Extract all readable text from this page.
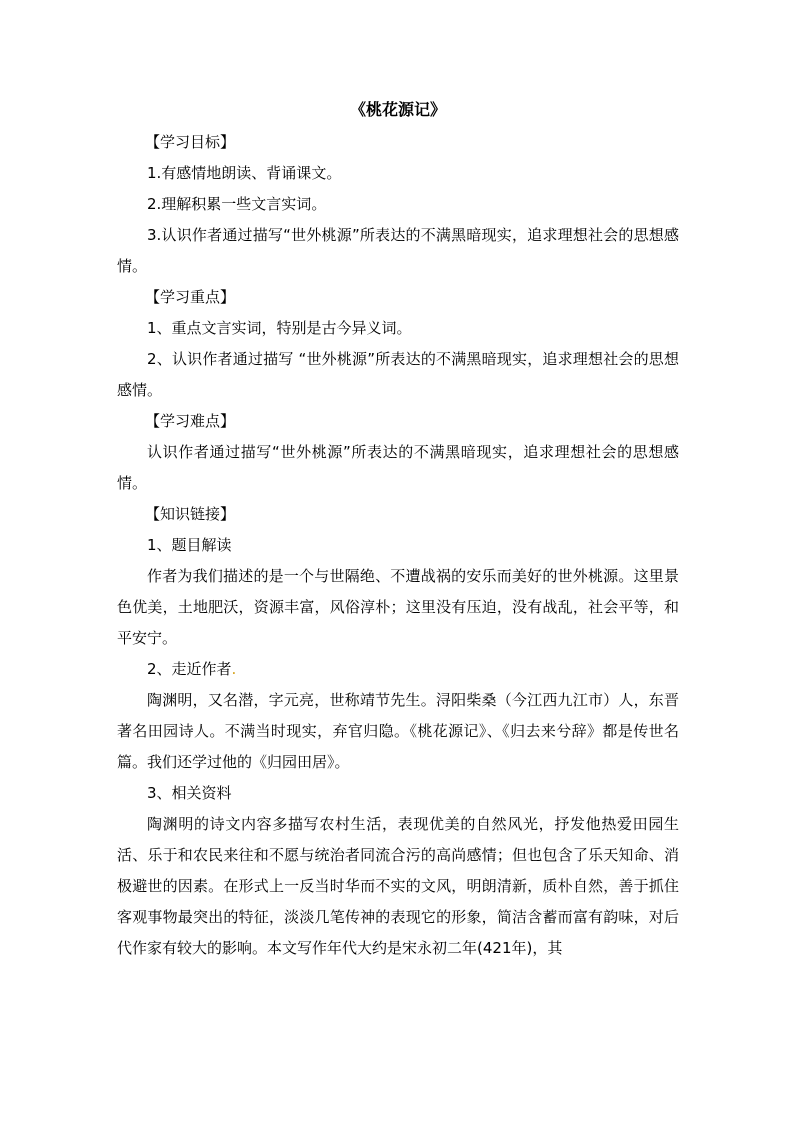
《桃花源记》
【学习目标】

1.有感情地朗读、背诵课文。

2.理解积累一些文言实词。

3.认识作者通过描写“世外桃源”所表达的不满黑暗现实，追求理想社会的思想感情。

【学习重点】

1、重点文言实词，特别是古今异义词。

2、认识作者通过描写 “世外桃源”所表达的不满黑暗现实，追求理想社会的思想感情。

【学习难点】

认识作者通过描写“世外桃源”所表达的不满黑暗现实，追求理想社会的思想感情。

【知识链接】

1、题目解读

作者为我们描述的是一个与世隔绝、不遭战祸的安乐而美好的世外桃源。这里景色优美，土地肥沃，资源丰富，风俗淳朴；这里没有压迫，没有战乱，社会平等，和平安宁。

2、走近作者.

陶渊明，又名潜，字元亮，世称靖节先生。浔阳柴桑（今江西九江市）人，东晋著名田园诗人。不满当时现实，弃官归隐。《桃花源记》、《归去来兮辞》都是传世名篇。我们还学过他的《归园田居》。

3、相关资料

陶渊明的诗文内容多描写农村生活，表现优美的自然风光，抒发他热爱田园生活、乐于和农民来往和不愿与统治者同流合污的高尚感情；但也包含了乐天知命、消极避世的因素。在形式上一反当时华而不实的文风，明朗清新，质朴自然，善于抓住客观事物最突出的特征，淡淡几笔传神的表现它的形象，简洁含蓄而富有韵味，对后代作家有较大的影响。本文写作年代大约是宋永初二年(421年)，其
